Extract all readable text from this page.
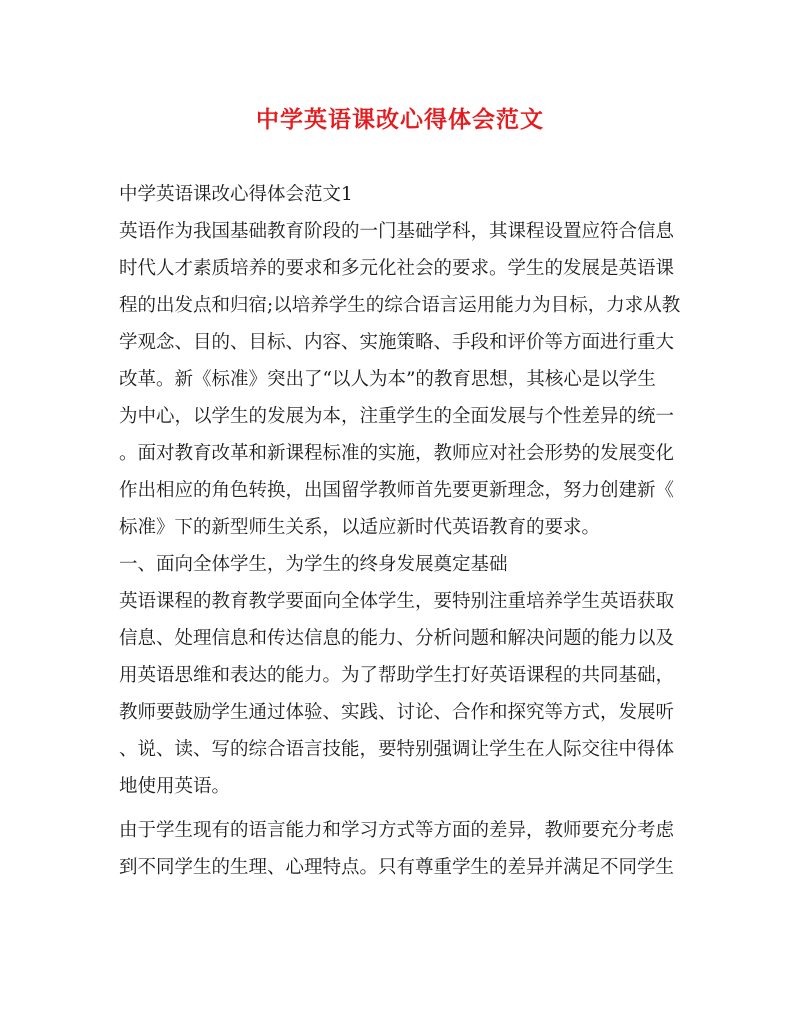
中学英语课改心得体会范文
中学英语课改心得体会范文1
英语作为我国基础教育阶段的一门基础学科，其课程设置应符合信息
时代人才素质培养的要求和多元化社会的要求。学生的发展是英语课
程的出发点和归宿;以培养学生的综合语言运用能力为目标，力求从教
学观念、目的、目标、内容、实施策略、手段和评价等方面进行重大
改革。新《标准》突出了“以人为本”的教育思想，其核心是以学生
为中心，以学生的发展为本，注重学生的全面发展与个性差异的统一
。面对教育改革和新课程标准的实施，教师应对社会形势的发展变化
作出相应的角色转换，出国留学教师首先要更新理念，努力创建新《
标准》下的新型师生关系，以适应新时代英语教育的要求。
一、面向全体学生，为学生的终身发展奠定基础
英语课程的教育教学要面向全体学生，要特别注重培养学生英语获取
信息、处理信息和传达信息的能力、分析问题和解决问题的能力以及
用英语思维和表达的能力。为了帮助学生打好英语课程的共同基础，
教师要鼓励学生通过体验、实践、讨论、合作和探究等方式，发展听
、说、读、写的综合语言技能，要特别强调让学生在人际交往中得体
地使用英语。
由于学生现有的语言能力和学习方式等方面的差异，教师要充分考虑
到不同学生的生理、心理特点。只有尊重学生的差异并满足不同学生
